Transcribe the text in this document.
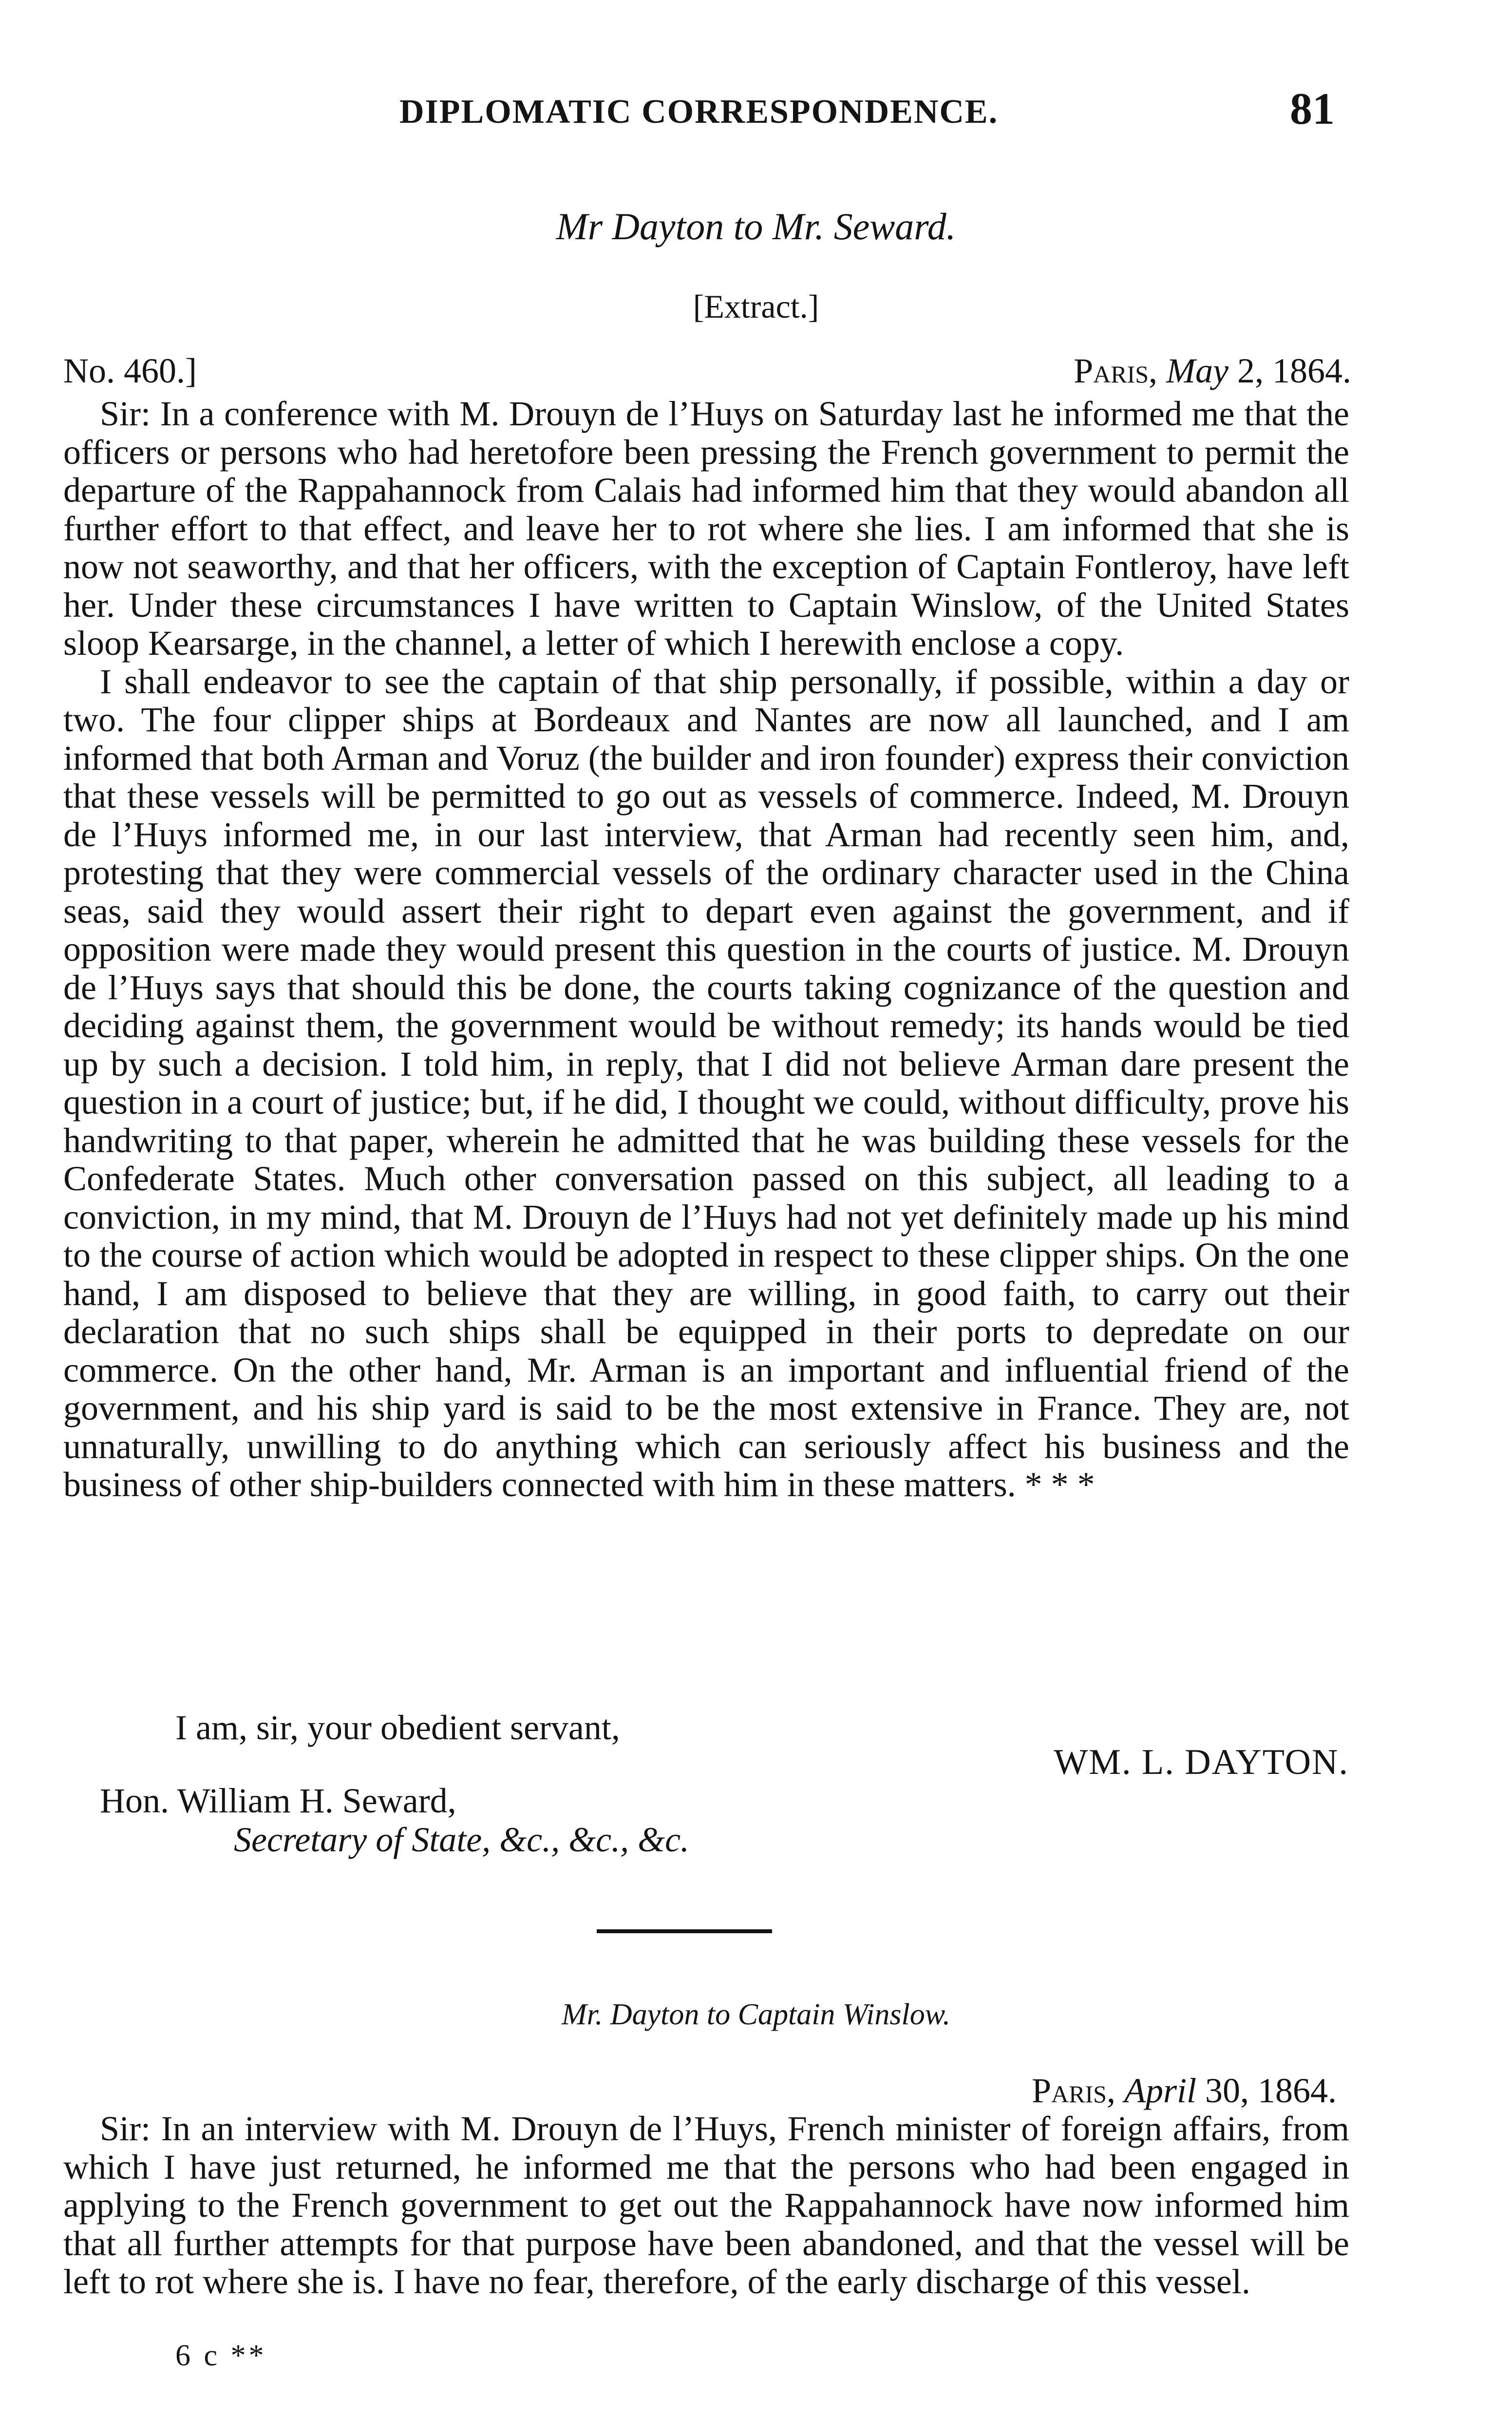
DIPLOMATIC CORRESPONDENCE.	81
Mr Dayton to Mr. Seward.
[Extract.]
No. 460.]	Paris, May 2, 1864.

Sir: In a conference with M. Drouyn de l’Huys on Saturday last he informed me that the officers or persons who had heretofore been pressing the French government to permit the departure of the Rappahannock from Calais had informed him that they would abandon all further effort to that effect, and leave her to rot where she lies. I am informed that she is now not seaworthy, and that her officers, with the exception of Captain Fontleroy, have left her. Under these circumstances I have written to Captain Winslow, of the United States sloop Kearsarge, in the channel, a letter of which I herewith enclose a copy.

I shall endeavor to see the captain of that ship personally, if possible, within a day or two. The four clipper ships at Bordeaux and Nantes are now all launched, and I am informed that both Arman and Voruz (the builder and iron founder) express their conviction that these vessels will be permitted to go out as vessels of commerce. Indeed, M. Drouyn de l’Huys informed me, in our last interview, that Arman had recently seen him, and, protesting that they were commercial vessels of the ordinary character used in the China seas, said they would assert their right to depart even against the government, and if opposition were made they would present this question in the courts of justice. M. Drouyn de l’Huys says that should this be done, the courts taking cognizance of the question and deciding against them, the government would be without remedy; its hands would be tied up by such a decision. I told him, in reply, that I did not believe Arman dare present the question in a court of justice; but, if he did, I thought we could, without difficulty, prove his handwriting to that paper, wherein he admitted that he was building these vessels for the Confederate States. Much other conversation passed on this subject, all leading to a conviction, in my mind, that M. Drouyn de l’Huys had not yet definitely made up his mind to the course of action which would be adopted in respect to these clipper ships. On the one hand, I am disposed to believe that they are willing, in good faith, to carry out their declaration that no such ships shall be equipped in their ports to depredate on our commerce. On the other hand, Mr. Arman is an important and influential friend of the government, and his ship yard is said to be the most extensive in France. They are, not unnaturally, unwilling to do anything which can seriously affect his business and the business of other ship-builders connected with him in these matters. * * *

I am, sir, your obedient servant,
WM. L. DAYTON.
Hon. William H. Seward,
Secretary of State, &c., &c., &c.
Mr. Dayton to Captain Winslow.
Paris, April 30, 1864.

Sir: In an interview with M. Drouyn de l’Huys, French minister of foreign affairs, from which I have just returned, he informed me that the persons who had been engaged in applying to the French government to get out the Rappahannock have now informed him that all further attempts for that purpose have been abandoned, and that the vessel will be left to rot where she is. I have no fear, therefore, of the early discharge of this vessel.

6 c **
